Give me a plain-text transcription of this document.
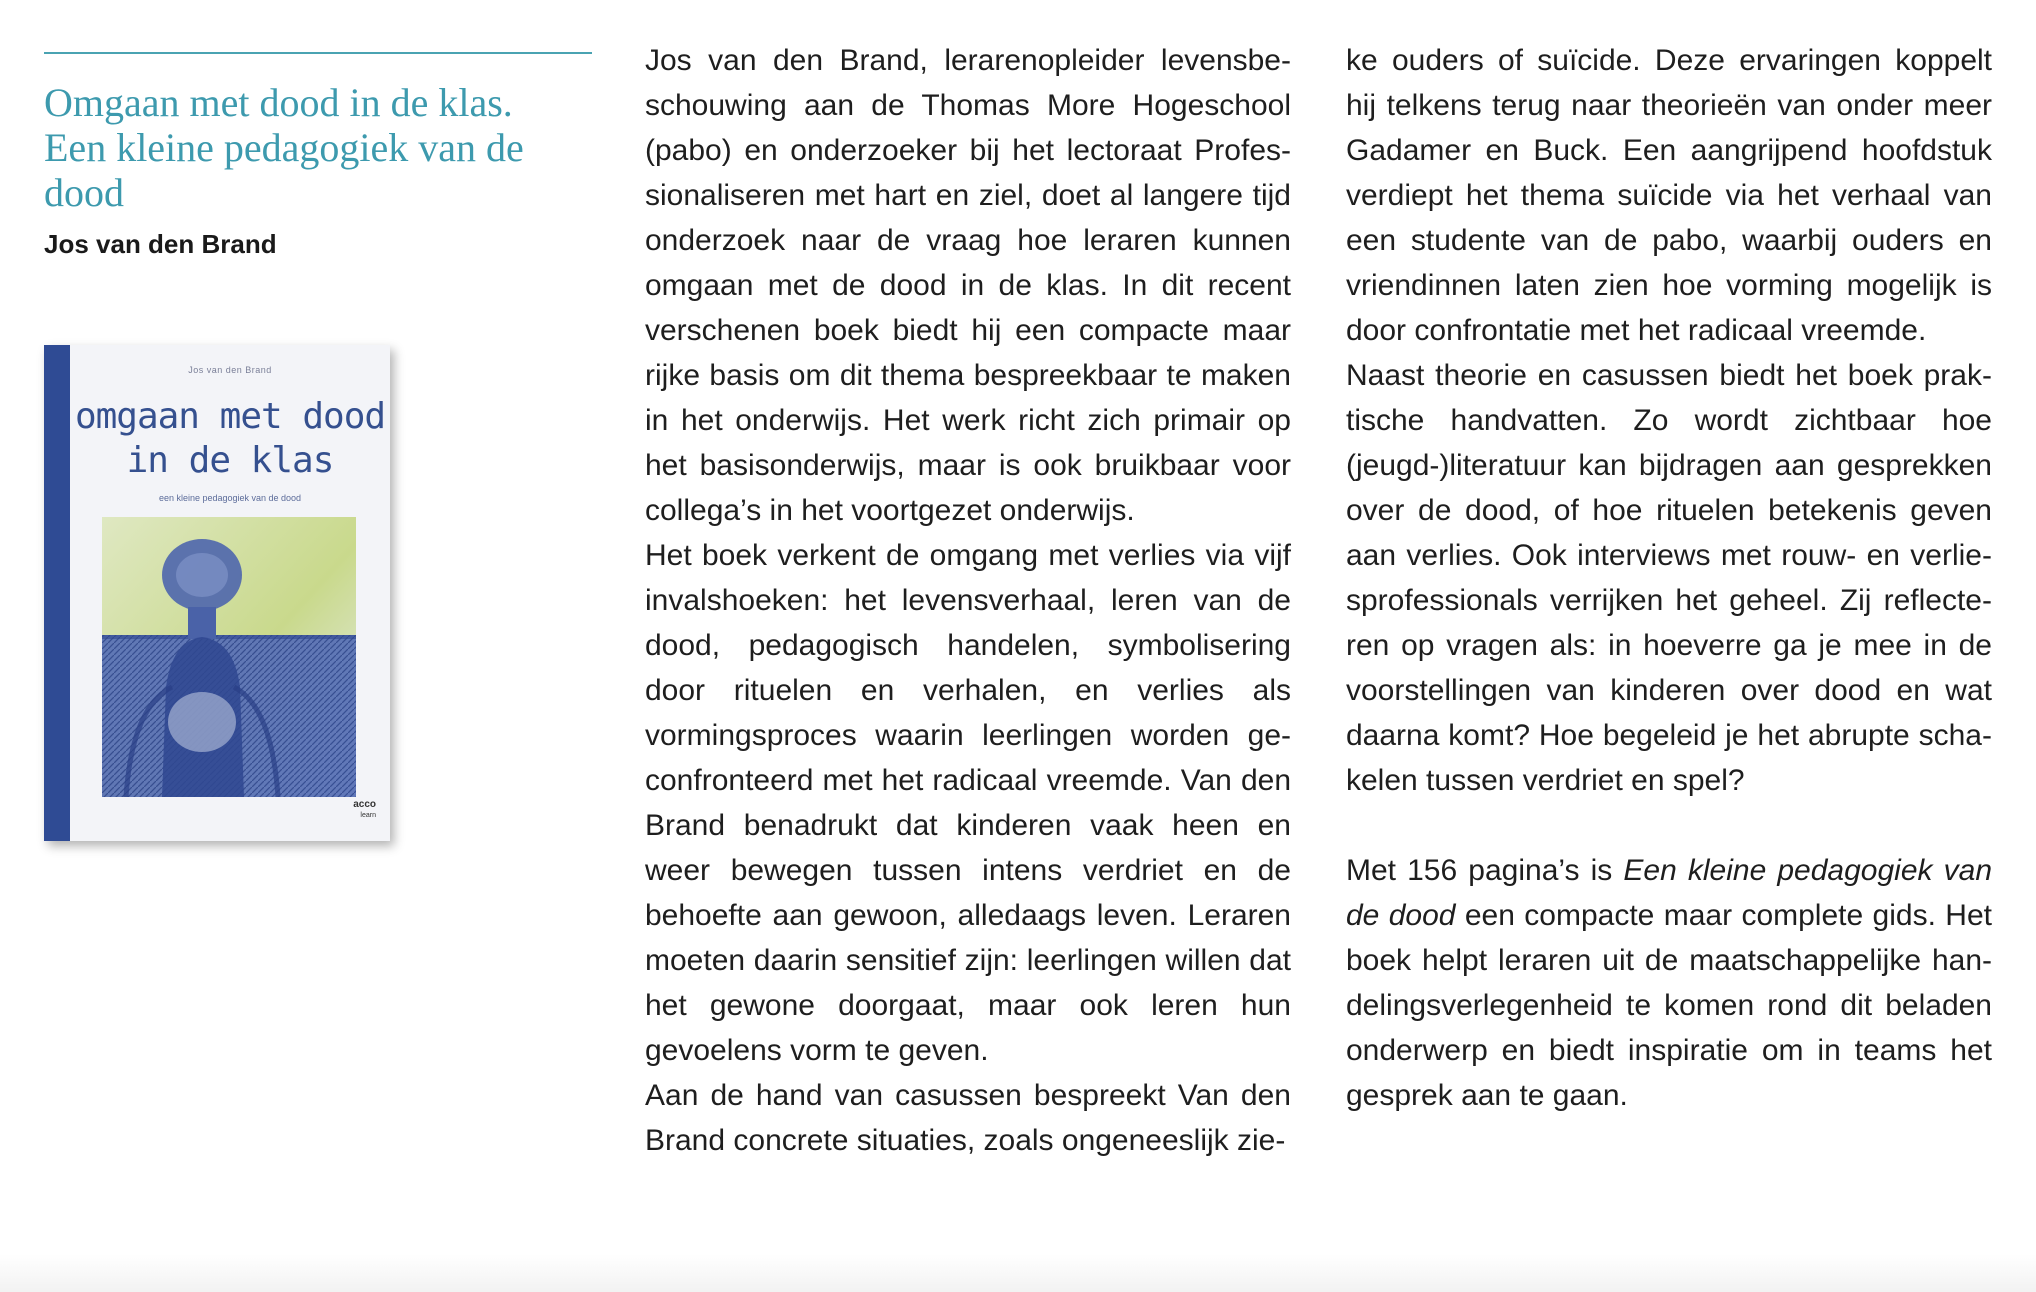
Omgaan met dood in de klas. Een kleine pedagogiek van de dood
Jos van den Brand
Jos van den Brand
omgaan met dood in de klas
een kleine pedagogiek van de dood
acco
learn

Jos van den Brand, lerarenopleider levensbeschouwing aan de Thomas More Hogeschool (pabo) en onderzoeker bij het lectoraat Professionaliseren met hart en ziel, doet al langere tijd onderzoek naar de vraag hoe leraren kunnen omgaan met de dood in de klas. In dit recent verschenen boek biedt hij een compacte maar rijke basis om dit thema bespreekbaar te maken in het onderwijs. Het werk richt zich primair op het basisonderwijs, maar is ook bruikbaar voor collega’s in het voortgezet onderwijs.

Het boek verkent de omgang met verlies via vijf invalshoeken: het levensverhaal, leren van de dood, pedagogisch handelen, symbolisering door rituelen en verhalen, en verlies als vormingsproces waarin leerlingen worden geconfronteerd met het radicaal vreemde. Van den Brand benadrukt dat kinderen vaak heen en weer bewegen tussen intens verdriet en de behoefte aan gewoon, alledaags leven. Leraren moeten daarin sensitief zijn: leerlingen willen dat het gewone doorgaat, maar ook leren hun gevoelens vorm te geven.

Aan de hand van casussen bespreekt Van den Brand concrete situaties, zoals ongeneeslijk zie-

ke ouders of suïcide. Deze ervaringen koppelt hij telkens terug naar theorieën van onder meer Gadamer en Buck. Een aangrijpend hoofdstuk verdiept het thema suïcide via het verhaal van een studente van de pabo, waarbij ouders en vriendinnen laten zien hoe vorming mogelijk is door confrontatie met het radicaal vreemde.

Naast theorie en casussen biedt het boek praktische handvatten. Zo wordt zichtbaar hoe (jeugd-)literatuur kan bijdragen aan gesprekken over de dood, of hoe rituelen betekenis geven aan verlies. Ook interviews met rouw- en verliesprofessionals verrijken het geheel. Zij reflecteren op vragen als: in hoeverre ga je mee in de voorstellingen van kinderen over dood en wat daarna komt? Hoe begeleid je het abrupte schakelen tussen verdriet en spel?

Met 156 pagina’s is Een kleine pedagogiek van de dood een compacte maar complete gids. Het boek helpt leraren uit de maatschappelijke handelingsverlegenheid te komen rond dit beladen onderwerp en biedt inspiratie om in teams het gesprek aan te gaan.
